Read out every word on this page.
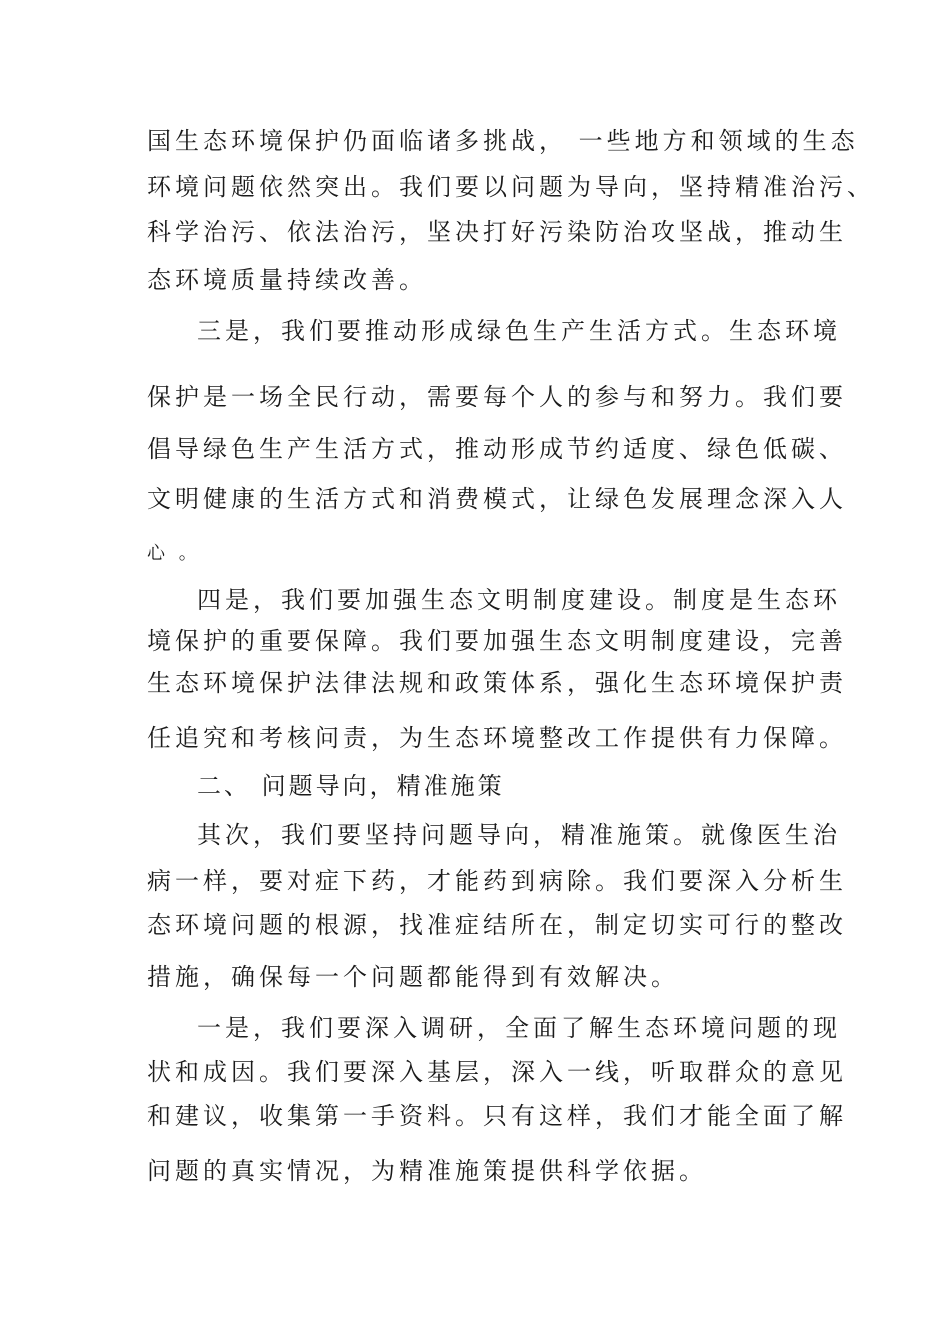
国生态环境保护仍面临诸多挑战， 一些地方和领域的生态
环境问题依然突出。我们要以问题为导向，坚持精准治污、
科学治污、依法治污，坚决打好污染防治攻坚战，推动生
态环境质量持续改善。
三是，我们要推动形成绿色生产生活方式。生态环境
保护是一场全民行动，需要每个人的参与和努力。我们要
倡导绿色生产生活方式，推动形成节约适度、绿色低碳、
文明健康的生活方式和消费模式，让绿色发展理念深入人
心 。
四是，我们要加强生态文明制度建设。制度是生态环
境保护的重要保障。我们要加强生态文明制度建设，完善
生态环境保护法律法规和政策体系，强化生态环境保护责
任追究和考核问责，为生态环境整改工作提供有力保障。
二、 问题导向，精准施策
其次，我们要坚持问题导向，精准施策。就像医生治
病一样，要对症下药，才能药到病除。我们要深入分析生
态环境问题的根源，找准症结所在，制定切实可行的整改
措施，确保每一个问题都能得到有效解决。
一是，我们要深入调研，全面了解生态环境问题的现
状和成因。我们要深入基层，深入一线，听取群众的意见
和建议，收集第一手资料。只有这样，我们才能全面了解
问题的真实情况，为精准施策提供科学依据。
